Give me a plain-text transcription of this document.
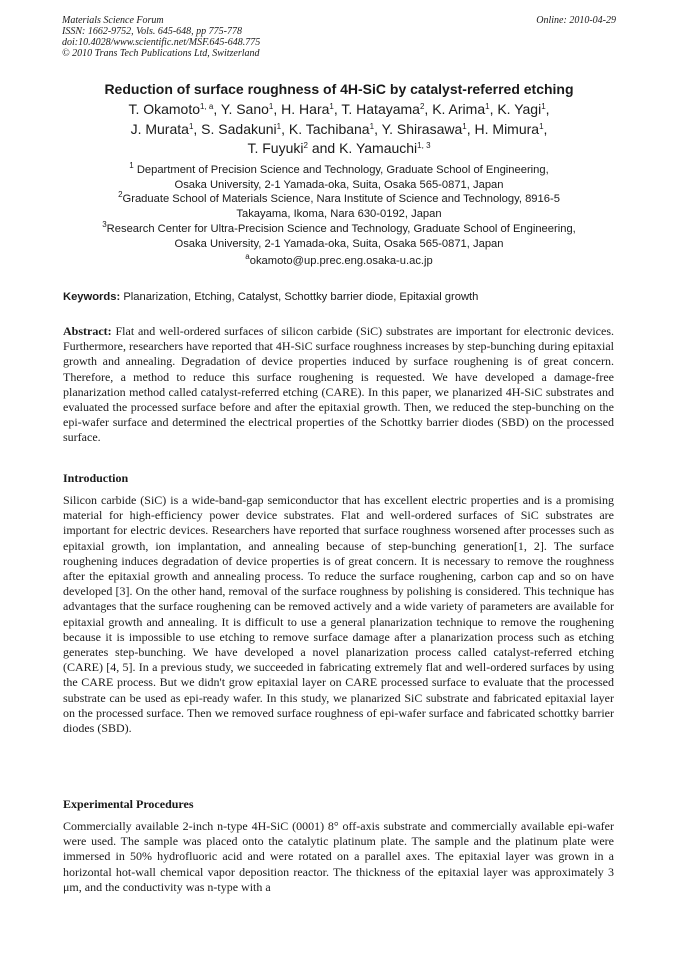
Materials Science Forum
ISSN: 1662-9752, Vols. 645-648, pp 775-778
doi:10.4028/www.scientific.net/MSF.645-648.775
© 2010 Trans Tech Publications Ltd, Switzerland
Online: 2010-04-29
Reduction of surface roughness of 4H-SiC by catalyst-referred etching
T. Okamoto$^{1, a}$, Y. Sano$^1$, H. Hara$^1$, T. Hatayama$^2$, K. Arima$^1$, K. Yagi$^1$,
J. Murata$^1$, S. Sadakuni$^1$, K. Tachibana$^1$, Y. Shirasawa$^1$, H. Mimura$^1$,
T. Fuyuki$^2$ and K. Yamauchi$^{1, 3}$
$^1$ Department of Precision Science and Technology, Graduate School of Engineering,
Osaka University, 2-1 Yamada-oka, Suita, Osaka 565-0871, Japan
$^2$Graduate School of Materials Science, Nara Institute of Science and Technology, 8916-5
Takayama, Ikoma, Nara 630-0192, Japan
$^3$Research Center for Ultra-Precision Science and Technology, Graduate School of Engineering,
Osaka University, 2-1 Yamada-oka, Suita, Osaka 565-0871, Japan
$^a$okamoto@up.prec.eng.osaka-u.ac.jp
Keywords: Planarization, Etching, Catalyst, Schottky barrier diode, Epitaxial growth

Abstract: Flat and well-ordered surfaces of silicon carbide (SiC) substrates are important for electronic devices. Furthermore, researchers have reported that 4H-SiC surface roughness increases by step-bunching during epitaxial growth and annealing. Degradation of device properties induced by surface roughening is of great concern. Therefore, a method to reduce this surface roughening is requested. We have developed a damage-free planarization method called catalyst-referred etching (CARE). In this paper, we planarized 4H-SiC substrates and evaluated the processed surface before and after the epitaxial growth. Then, we reduced the step-bunching on the epi-wafer surface and determined the electrical properties of the Schottky barrier diodes (SBD) on the processed surface.

Introduction

Silicon carbide (SiC) is a wide-band-gap semiconductor that has excellent electric properties and is a promising material for high-efficiency power device substrates. Flat and well-ordered surfaces of SiC substrates are important for electric devices. Researchers have reported that surface roughness worsened after processes such as epitaxial growth, ion implantation, and annealing because of step-bunching generation[1, 2]. The surface roughening induces degradation of device properties is of great concern. It is necessary to remove the roughness after the epitaxial growth and annealing process. To reduce the surface roughening, carbon cap and so on have developed [3]. On the other hand, removal of the surface roughness by polishing is considered. This technique has advantages that the surface roughening can be removed actively and a wide variety of parameters are available for epitaxial growth and annealing. It is difficult to use a general planarization technique to remove the roughening because it is impossible to use etching to remove surface damage after a planarization process such as etching generates step-bunching. We have developed a novel planarization process called catalyst-referred etching (CARE) [4, 5]. In a previous study, we succeeded in fabricating extremely flat and well-ordered surfaces by using the CARE process. But we didn't grow epitaxial layer on CARE processed surface to evaluate that the processed substrate can be used as epi-ready wafer. In this study, we planarized SiC substrate and fabricated epitaxial layer on the processed surface. Then we removed surface roughness of epi-wafer surface and fabricated schottky barrier diodes (SBD).

Experimental Procedures

Commercially available 2-inch n-type 4H-SiC (0001) 8° off-axis substrate and commercially available epi-wafer were used. The sample was placed onto the catalytic platinum plate. The sample and the platinum plate were immersed in 50% hydrofluoric acid and were rotated on a parallel axes. The epitaxial layer was grown in a horizontal hot-wall chemical vapor deposition reactor. The thickness of the epitaxial layer was approximately 3 μm, and the conductivity was n-type with a
